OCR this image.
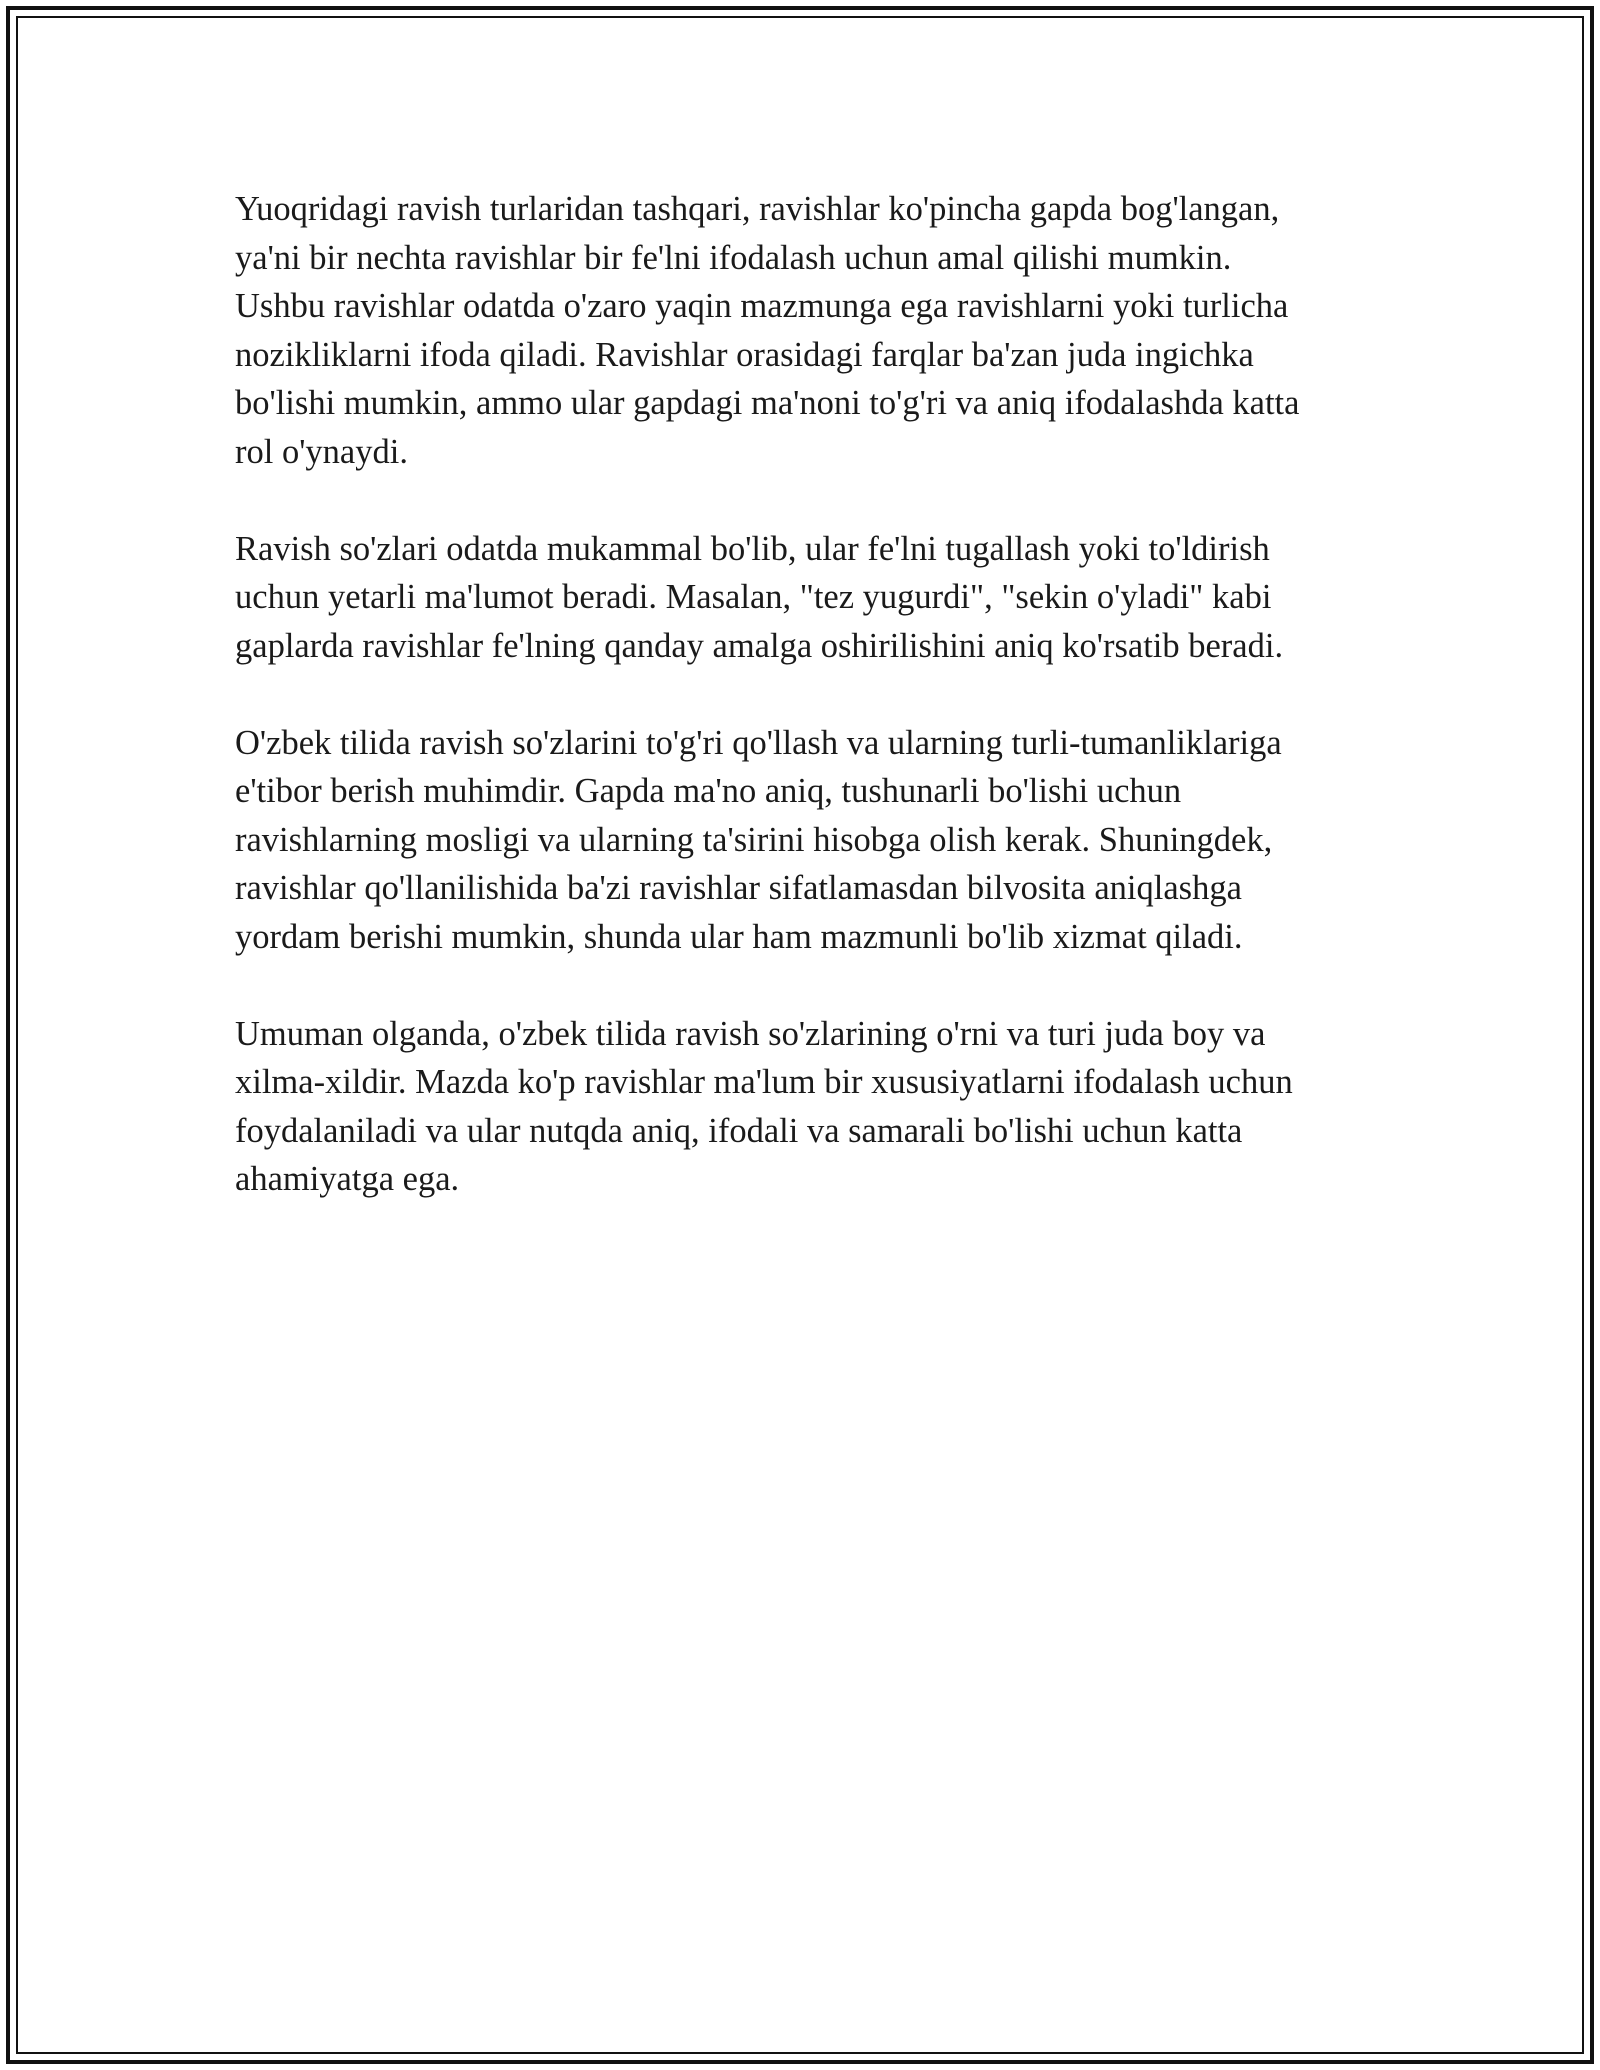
Yuoqridagi ravish turlaridan tashqari, ravishlar ko'pincha gapda bog'langan,
ya'ni bir nechta ravishlar bir fe'lni ifodalash uchun amal qilishi mumkin.
Ushbu ravishlar odatda o'zaro yaqin mazmunga ega ravishlarni yoki turlicha
nozikliklarni ifoda qiladi. Ravishlar orasidagi farqlar ba'zan juda ingichka
bo'lishi mumkin, ammo ular gapdagi ma'noni to'g'ri va aniq ifodalashda katta
rol o'ynaydi.

Ravish so'zlari odatda mukammal bo'lib, ular fe'lni tugallash yoki to'ldirish
uchun yetarli ma'lumot beradi. Masalan, "tez yugurdi", "sekin o'yladi" kabi
gaplarda ravishlar fe'lning qanday amalga oshirilishini aniq ko'rsatib beradi.

O'zbek tilida ravish so'zlarini to'g'ri qo'llash va ularning turli-tumanliklariga
e'tibor berish muhimdir. Gapda ma'no aniq, tushunarli bo'lishi uchun
ravishlarning mosligi va ularning ta'sirini hisobga olish kerak. Shuningdek,
ravishlar qo'llanilishida ba'zi ravishlar sifatlamasdan bilvosita aniqlashga
yordam berishi mumkin, shunda ular ham mazmunli bo'lib xizmat qiladi.

Umuman olganda, o'zbek tilida ravish so'zlarining o'rni va turi juda boy va
xilma-xildir. Mazda ko'p ravishlar ma'lum bir xususiyatlarni ifodalash uchun
foydalaniladi va ular nutqda aniq, ifodali va samarali bo'lishi uchun katta
ahamiyatga ega.
